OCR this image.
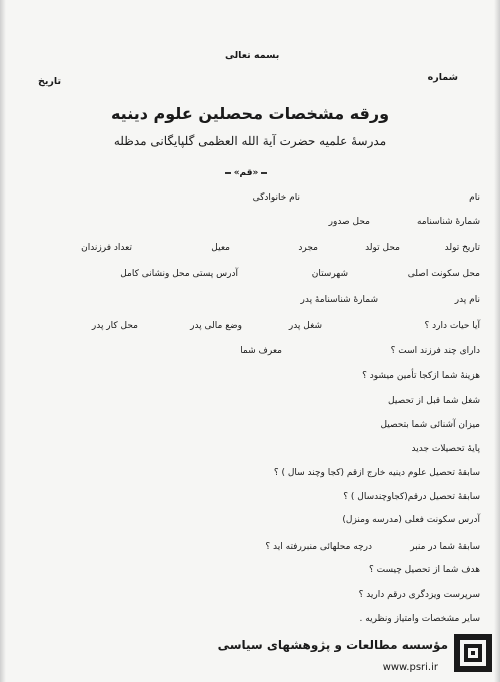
بسمه تعالی
شماره
تاریخ
ورقه مشخصات محصلین علوم دینیه
مدرسهٔ علمیه حضرت آیة الله العظمی گلپایگانی مدظله
«قم»
نام
نام خانوادگی
شمارهٔ شناسنامه
محل صدور
تاریخ تولد
محل تولد
مجرد
معیل
تعداد فرزندان
محل سکونت اصلی
شهرستان
آدرس پستی محل ونشانی کامل
نام پدر
شمارهٔ شناسنامهٔ پدر
آیا حیات دارد ؟
شغل پدر
وضع مالی پدر
محل کار پدر
دارای چند فرزند است ؟
معرف شما
هزینهٔ شما ازکجا تأمین میشود ؟
شغل شما قبل از تحصیل
میزان آشنائی شما بتحصیل
پایهٔ تحصیلات جدید
سابقهٔ تحصیل علوم دینیه خارج ازقم (کجا وچند سال ) ؟
سابقهٔ تحصیل درقم(کجاوچندسال ) ؟
آدرس سکونت فعلی (مدرسه ومنزل)
سابقهٔ شما در منبر
درچه محلهائی منبررفته اید ؟
هدف شما از تحصیل چیست ؟
سرپرست ویزدگری درقم دارید ؟
سایر مشخصات وامتیاز ونظریه .
مؤسسه مطالعات و پژوهشهای سیاسی
www.psri.ir
